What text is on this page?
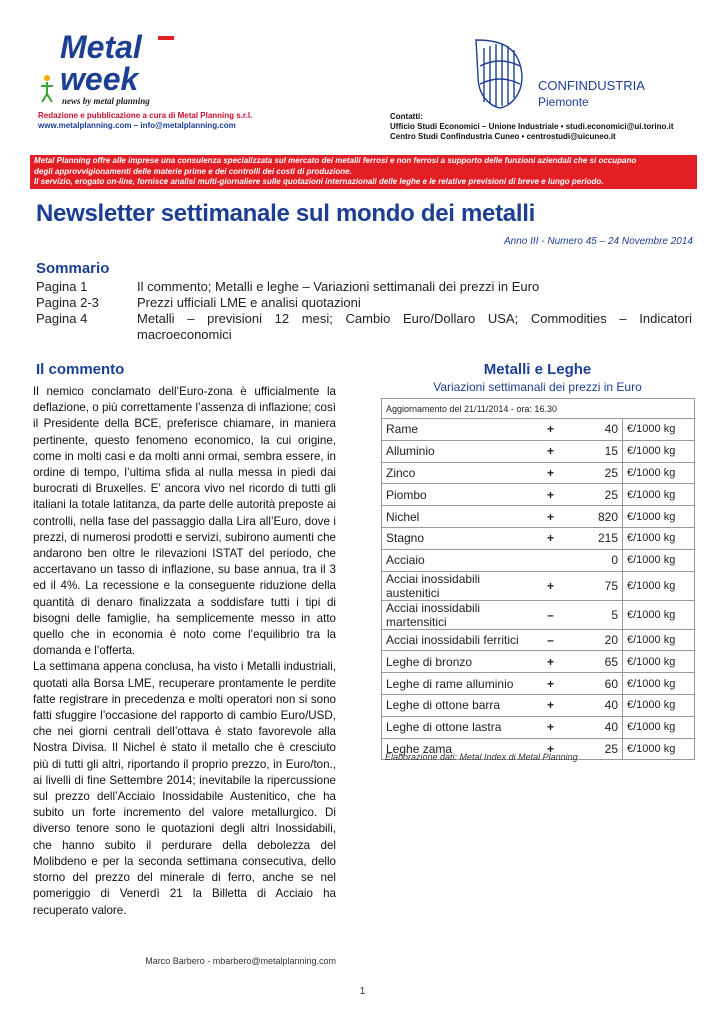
Metal
week
news by metal planning
Redazione e pubblicazione a cura di Metal Planning s.r.l.
www.metalplanning.com – info@metalplanning.com
CONFINDUSTRIA
Piemonte
Contatti:
Ufficio Studi Economici – Unione Industriale • studi.economici@ui.torino.it
Centro Studi Confindustria Cuneo • centrostudi@uicuneo.it
Metal Planning offre alle imprese una consulenza specializzata sul mercato dei metalli ferrosi e non ferrosi a supporto delle funzioni aziendali che si occupano
degli approvvigionamenti delle materie prime e dei controlli dei costi di produzione.
Il servizio, erogato on-line, fornisce analisi multi-giornaliere sulle quotazioni internazionali delle leghe e le relative previsioni di breve e lungo periodo.
Newsletter settimanale sul mondo dei metalli
Anno III - Numero 45 – 24 Novembre 2014
Sommario
Pagina 1	Il commento; Metalli e leghe – Variazioni settimanali dei prezzi in Euro
Pagina 2-3	Prezzi ufficiali LME e analisi quotazioni
Pagina 4	Metalli – previsioni 12 mesi; Cambio Euro/Dollaro USA; Commodities – Indicatori macroeconomici
Il commento

Il nemico conclamato dell’Euro-zona è ufficialmente la deflazione, o più correttamente l’assenza di inflazione; così il Presidente della BCE, preferisce chiamare, in maniera pertinente, questo fenomeno economico, la cui origine, come in molti casi e da molti anni ormai, sembra essere, in ordine di tempo, l’ultima sfida al nulla messa in piedi dai burocrati di Bruxelles. E’ ancora vivo nel ricordo di tutti gli italiani la totale latitanza, da parte delle autorità preposte ai controlli, nella fase del passaggio dalla Lira all’Euro, dove i prezzi, di numerosi prodotti e servizi, subirono aumenti che andarono ben oltre le rilevazioni ISTAT del periodo, che accertavano un tasso di inflazione, su base annua, tra il 3 ed il 4%. La recessione e la conseguente riduzione della quantità di denaro finalizzata a soddisfare tutti i tipi di bisogni delle famiglie, ha semplicemente messo in atto quello che in economia è noto come l’equilibrio tra la domanda e l’offerta.

La settimana appena conclusa, ha visto i Metalli industriali, quotati alla Borsa LME, recuperare prontamente le perdite fatte registrare in precedenza e molti operatori non si sono fatti sfuggire l’occasione del rapporto di cambio Euro/USD, che nei giorni centrali dell’ottava è stato favorevole alla Nostra Divisa. Il Nichel è stato il metallo che è cresciuto più di tutti gli altri, riportando il proprio prezzo, in Euro/ton., ai livelli di fine Settembre 2014; inevitabile la ripercussione sul prezzo dell’Acciaio Inossidabile Austenitico, che ha subito un forte incremento del valore metallurgico. Di diverso tenore sono le quotazioni degli altri Inossidabili, che hanno subito il perdurare della debolezza del Molibdeno e per la seconda settimana consecutiva, dello storno del prezzo del minerale di ferro, anche se nel pomeriggio di Venerdì 21 la Billetta di Acciaio ha recuperato valore.

Marco Barbero - mbarbero@metalplanning.com
Metalli e Leghe
Variazioni settimanali dei prezzi in Euro
Aggiornamento del 21/11/2014 - ora: 16.30			
Rame	+	40	€/1000 kg
Alluminio	+	15	€/1000 kg
Zinco	+	25	€/1000 kg
Piombo	+	25	€/1000 kg
Nichel	+	820	€/1000 kg
Stagno	+	215	€/1000 kg
Acciaio		0	€/1000 kg
Acciai inossidabili austenitici	+	75	€/1000 kg
Acciai inossidabili martensitici	–	5	€/1000 kg
Acciai inossidabili ferritici	–	20	€/1000 kg
Leghe di bronzo	+	65	€/1000 kg
Leghe di rame alluminio	+	60	€/1000 kg
Leghe di ottone barra	+	40	€/1000 kg
Leghe di ottone lastra	+	40	€/1000 kg
Leghe zama	+	25	€/1000 kg
Elaborazione dati: Metal Index di Metal Planning
1
